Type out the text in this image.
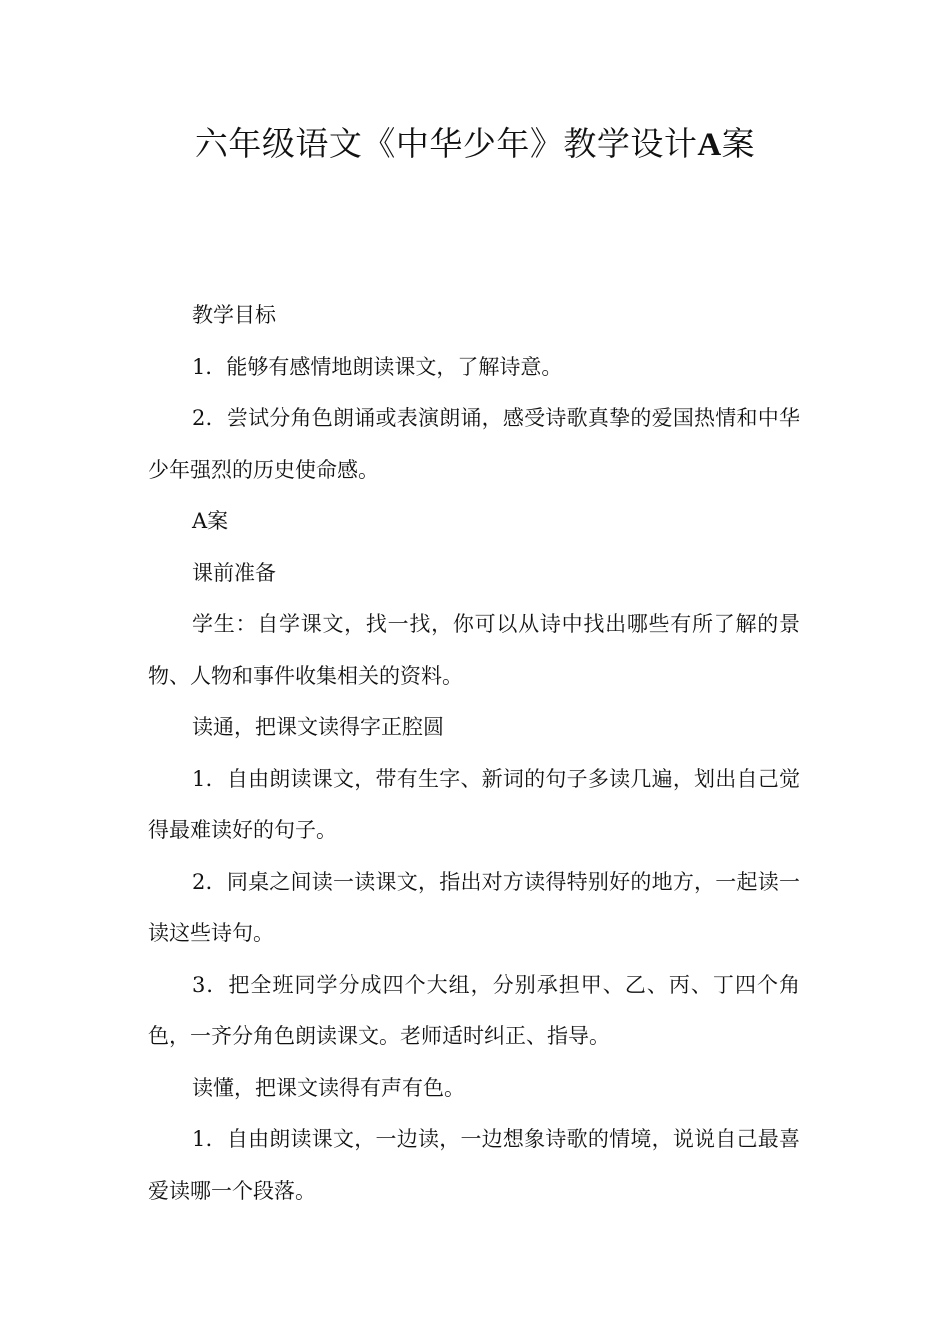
六年级语文《中华少年》教学设计A案

教学目标

1．能够有感情地朗读课文，了解诗意。

2．尝试分角色朗诵或表演朗诵，感受诗歌真挚的爱国热情和中华少年强烈的历史使命感。

A案

课前准备

学生：自学课文，找一找，你可以从诗中找出哪些有所了解的景物、人物和事件收集相关的资料。

读通，把课文读得字正腔圆

1．自由朗读课文，带有生字、新词的句子多读几遍，划出自己觉得最难读好的句子。

2．同桌之间读一读课文，指出对方读得特别好的地方，一起读一读这些诗句。

3．把全班同学分成四个大组，分别承担甲、乙、丙、丁四个角色，一齐分角色朗读课文。老师适时纠正、指导。

读懂，把课文读得有声有色。

1．自由朗读课文，一边读，一边想象诗歌的情境，说说自己最喜爱读哪一个段落。
